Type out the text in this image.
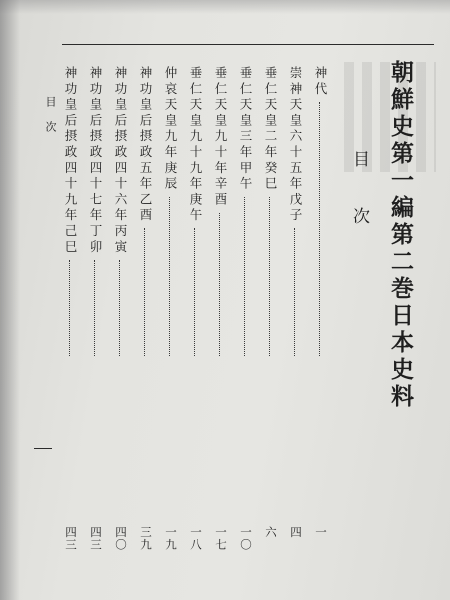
朝鮮史第一編第二巻日本史料
目次
神代
崇神天皇六十五年戊子
垂仁天皇二年癸巳
垂仁天皇三年甲午
垂仁天皇九十年辛酉
垂仁天皇九十九年庚午
仲哀天皇九年庚辰
神功皇后摂政五年乙酉
神功皇后摂政四十六年丙寅
神功皇后摂政四十七年丁卯
神功皇后摂政四十九年己巳
一
四
六
一〇
一七
一八
一九
三九
四〇
四三
四三
目次
